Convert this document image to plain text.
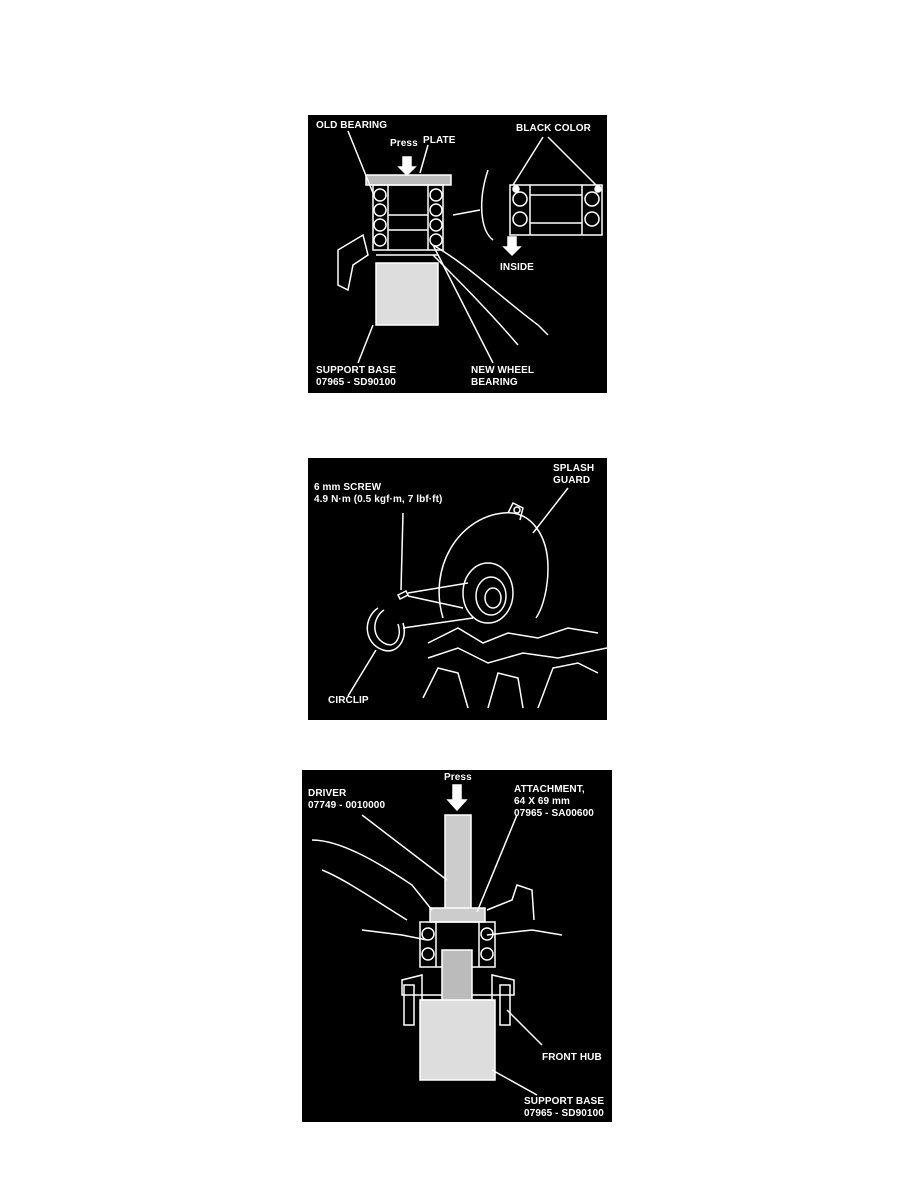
OLD BEARING
Press PLATE
BLACK COLOR
INSIDE
SUPPORT BASE
07965 - SD90100
NEW WHEEL
BEARING
6 mm SCREW
4.9 N·m (0.5 kgf·m, 7 lbf·ft)
SPLASH
GUARD
CIRCLIP
Press
DRIVER
07749 - 0010000
ATTACHMENT,
64 X 69 mm
07965 - SA00600
FRONT HUB
SUPPORT BASE
07965 - SD90100
